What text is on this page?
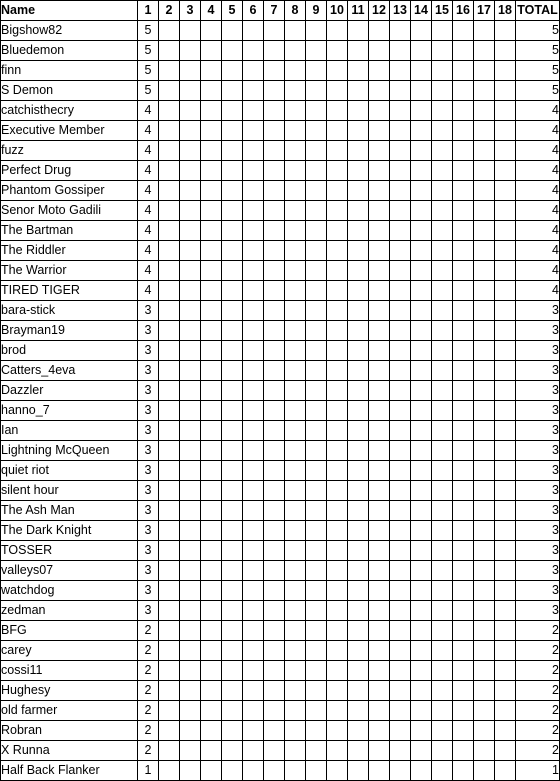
Name	1	2	3	4	5	6	7	8	9	10	11	12	13	14	15	16	17	18	TOTAL
Bigshow82	5																		5
Bluedemon	5																		5
finn	5																		5
S Demon	5																		5
catchisthecry	4																		4
Executive Member	4																		4
fuzz	4																		4
Perfect Drug	4																		4
Phantom Gossiper	4																		4
Senor Moto Gadili	4																		4
The Bartman	4																		4
The Riddler	4																		4
The Warrior	4																		4
TIRED TIGER	4																		4
bara-stick	3																		3
Brayman19	3																		3
brod	3																		3
Catters_4eva	3																		3
Dazzler	3																		3
hanno_7	3																		3
Ian	3																		3
Lightning McQueen	3																		3
quiet riot	3																		3
silent hour	3																		3
The Ash Man	3																		3
The Dark Knight	3																		3
TOSSER	3																		3
valleys07	3																		3
watchdog	3																		3
zedman	3																		3
BFG	2																		2
carey	2																		2
cossi11	2																		2
Hughesy	2																		2
old farmer	2																		2
Robran	2																		2
X Runna	2																		2
Half Back Flanker	1																		1
